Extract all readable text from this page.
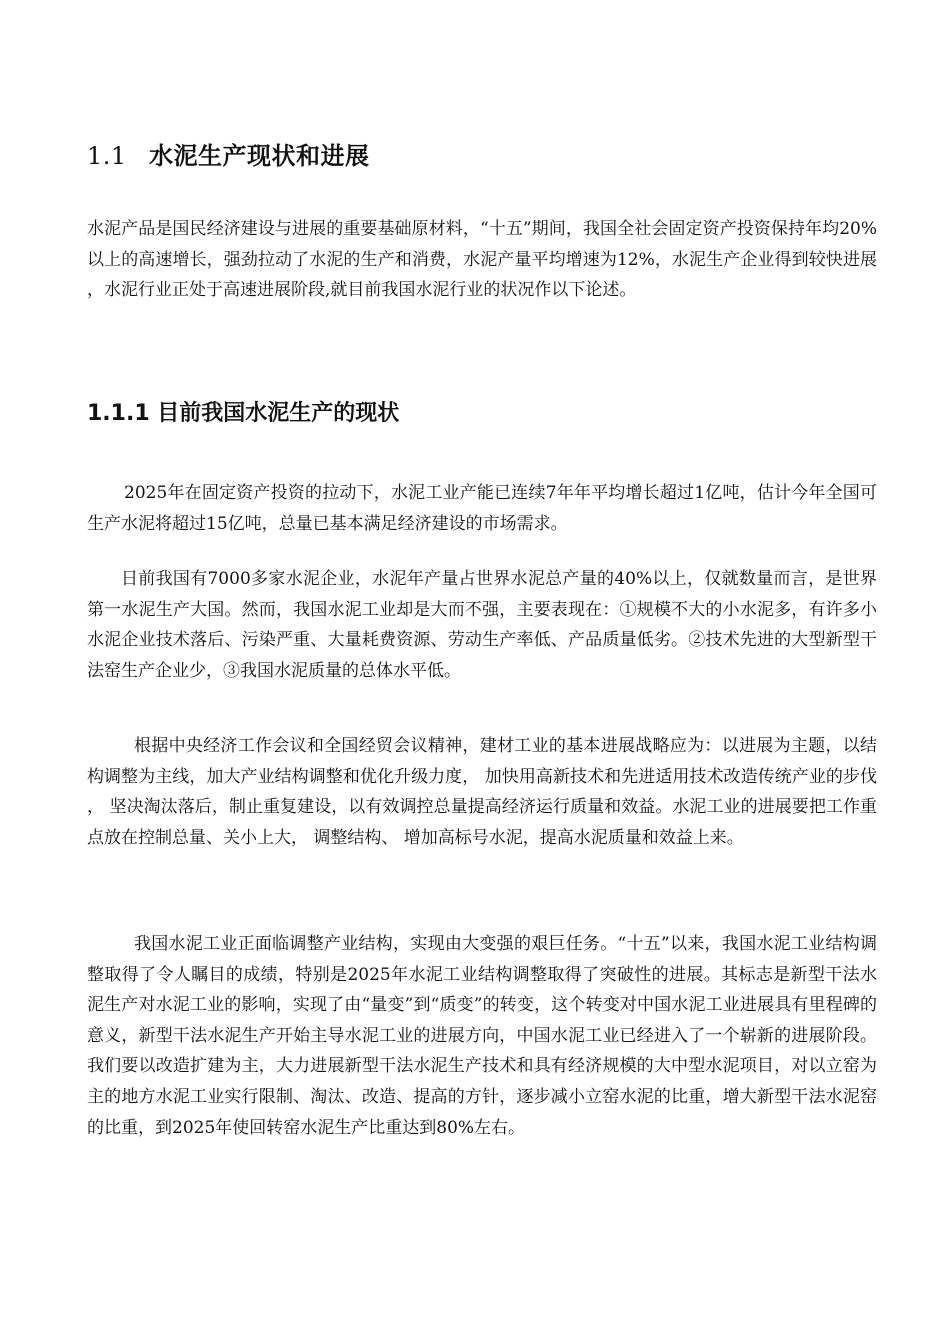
1.1 水泥生产现状和进展
水泥产品是国民经济建设与进展的重要基础原材料，“十五”期间，我国全社会固定资产投资保持年均20%以上的高速增长，强劲拉动了水泥的生产和消费，水泥产量平均增速为12%，水泥生产企业得到较快进展，水泥行业正处于高速进展阶段,就目前我国水泥行业的状况作以下论述。
1.1.1 目前我国水泥生产的现状
2025年在固定资产投资的拉动下，水泥工业产能已连续7年年平均增长超过1亿吨，估计今年全国可生产水泥将超过15亿吨，总量已基本满足经济建设的市场需求。
日前我国有7000多家水泥企业，水泥年产量占世界水泥总产量的40%以上，仅就数量而言，是世界第一水泥生产大国。然而，我国水泥工业却是大而不强，主要表现在：①规模不大的小水泥多，有许多小水泥企业技术落后、污染严重、大量耗费资源、劳动生产率低、产品质量低劣。②技术先进的大型新型干法窑生产企业少，③我国水泥质量的总体水平低。
根据中央经济工作会议和全国经贸会议精神，建材工业的基本进展战略应为：以进展为主题，以结构调整为主线，加大产业结构调整和优化升级力度， 加快用高新技术和先进适用技术改造传统产业的步伐， 坚决淘汰落后，制止重复建设，以有效调控总量提高经济运行质量和效益。水泥工业的进展要把工作重点放在控制总量、关小上大， 调整结构、 增加高标号水泥，提高水泥质量和效益上来。
我国水泥工业正面临调整产业结构，实现由大变强的艰巨任务。“十五”以来，我国水泥工业结构调整取得了令人瞩目的成绩，特别是2025年水泥工业结构调整取得了突破性的进展。其标志是新型干法水泥生产对水泥工业的影响，实现了由“量变”到“质变”的转变，这个转变对中国水泥工业进展具有里程碑的意义，新型干法水泥生产开始主导水泥工业的进展方向，中国水泥工业已经进入了一个崭新的进展阶段。我们要以改造扩建为主，大力进展新型干法水泥生产技术和具有经济规模的大中型水泥项目，对以立窑为主的地方水泥工业实行限制、淘汰、改造、提高的方针，逐步减小立窑水泥的比重，增大新型干法水泥窑的比重，到2025年使回转窑水泥生产比重达到80%左右。
